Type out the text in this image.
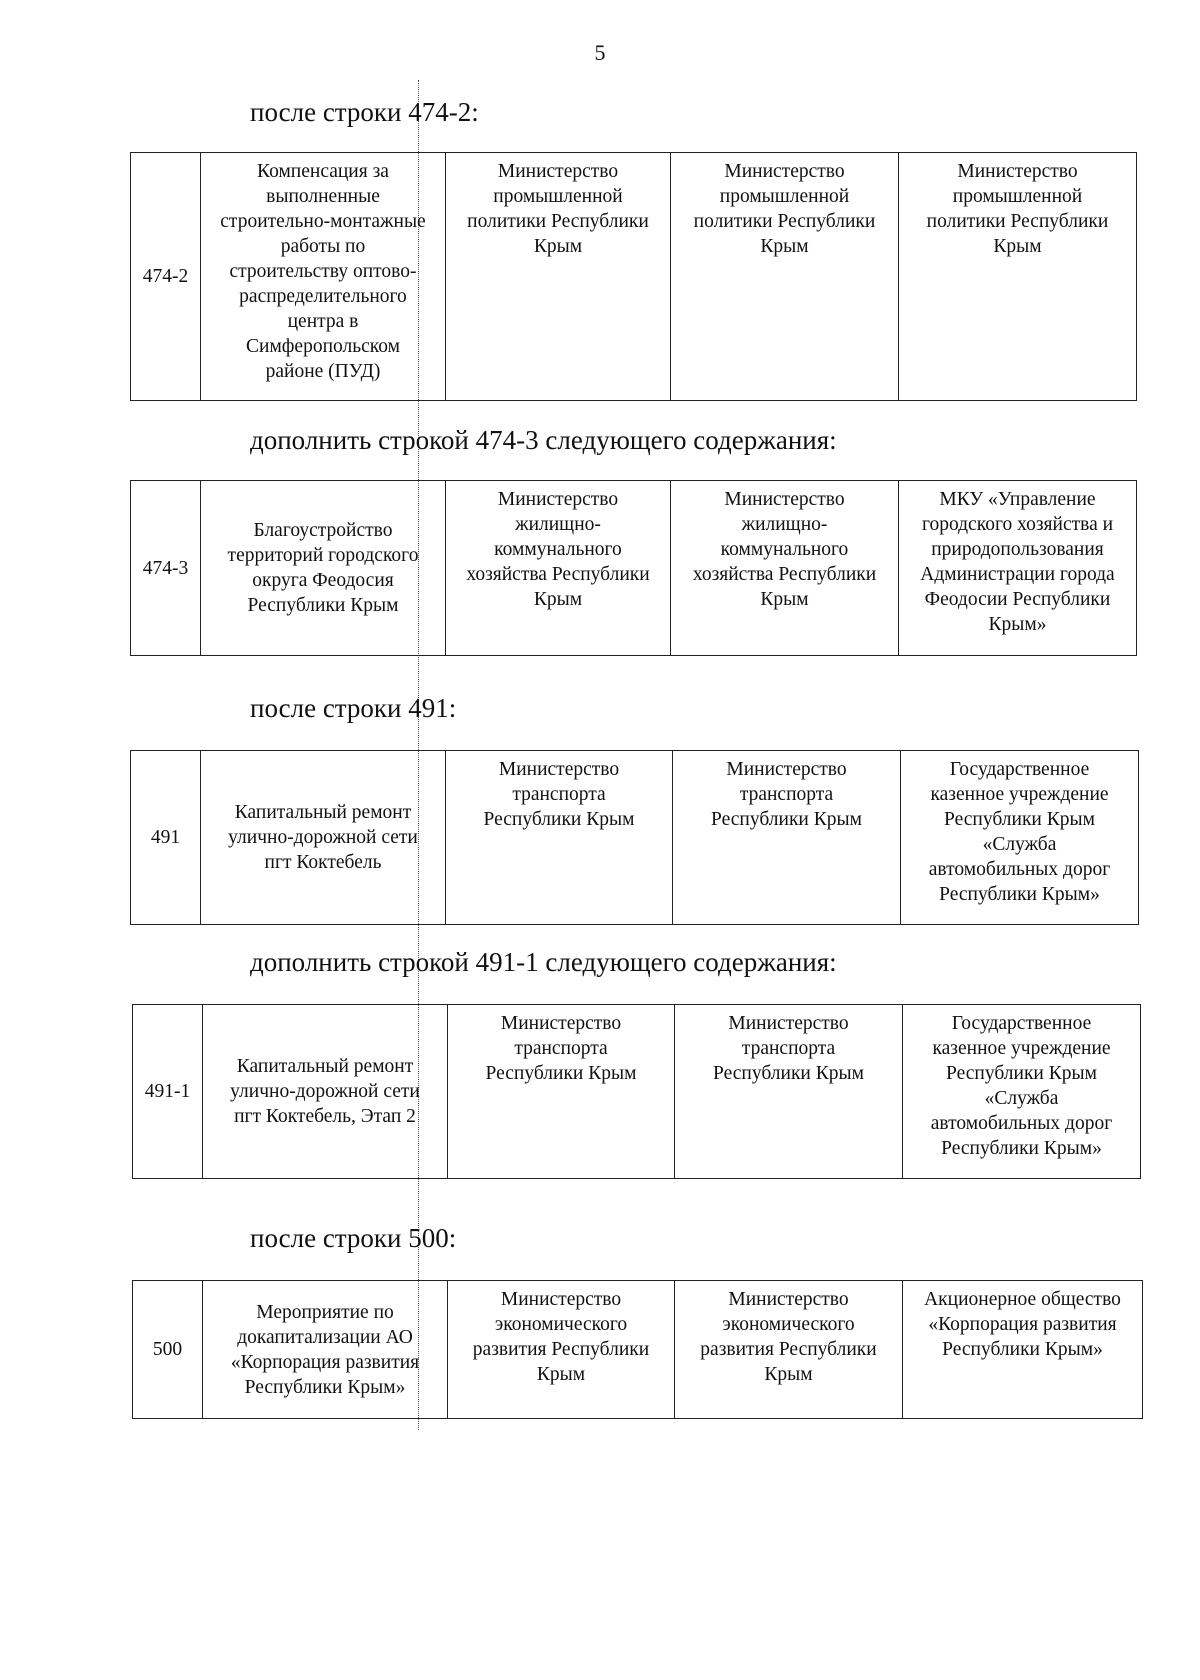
5
после строки 474-2:
474-2	
Компенсация за
выполненные
строительно-монтажные
работы по
строительству оптово-
распределительного
центра в
Симферопольском
районе (ПУД)

Министерство
промышленной
политики Республики
Крым

Министерство
промышленной
политики Республики
Крым

Министерство
промышленной
политики Республики
Крым
дополнить строкой 474-3 следующего содержания:
474-3	
Благоустройство
территорий городского
округа Феодосия
Республики Крым

Министерство
жилищно-
коммунального
хозяйства Республики
Крым

Министерство
жилищно-
коммунального
хозяйства Республики
Крым

МКУ «Управление
городского хозяйства и
природопользования
Администрации города
Феодосии Республики
Крым»
после строки 491:
491	
Капитальный ремонт
улично-дорожной сети
пгт Коктебель

Министерство
транспорта
Республики Крым

Министерство
транспорта
Республики Крым

Государственное
казенное учреждение
Республики Крым
«Служба
автомобильных дорог
Республики Крым»
дополнить строкой 491-1 следующего содержания:
491-1	
Капитальный ремонт
улично-дорожной сети
пгт Коктебель, Этап 2

Министерство
транспорта
Республики Крым

Министерство
транспорта
Республики Крым

Государственное
казенное учреждение
Республики Крым
«Служба
автомобильных дорог
Республики Крым»
после строки 500:
500	
Мероприятие по
докапитализации АО
«Корпорация развития
Республики Крым»

Министерство
экономического
развития Республики
Крым

Министерство
экономического
развития Республики
Крым

Акционерное общество
«Корпорация развития
Республики Крым»
